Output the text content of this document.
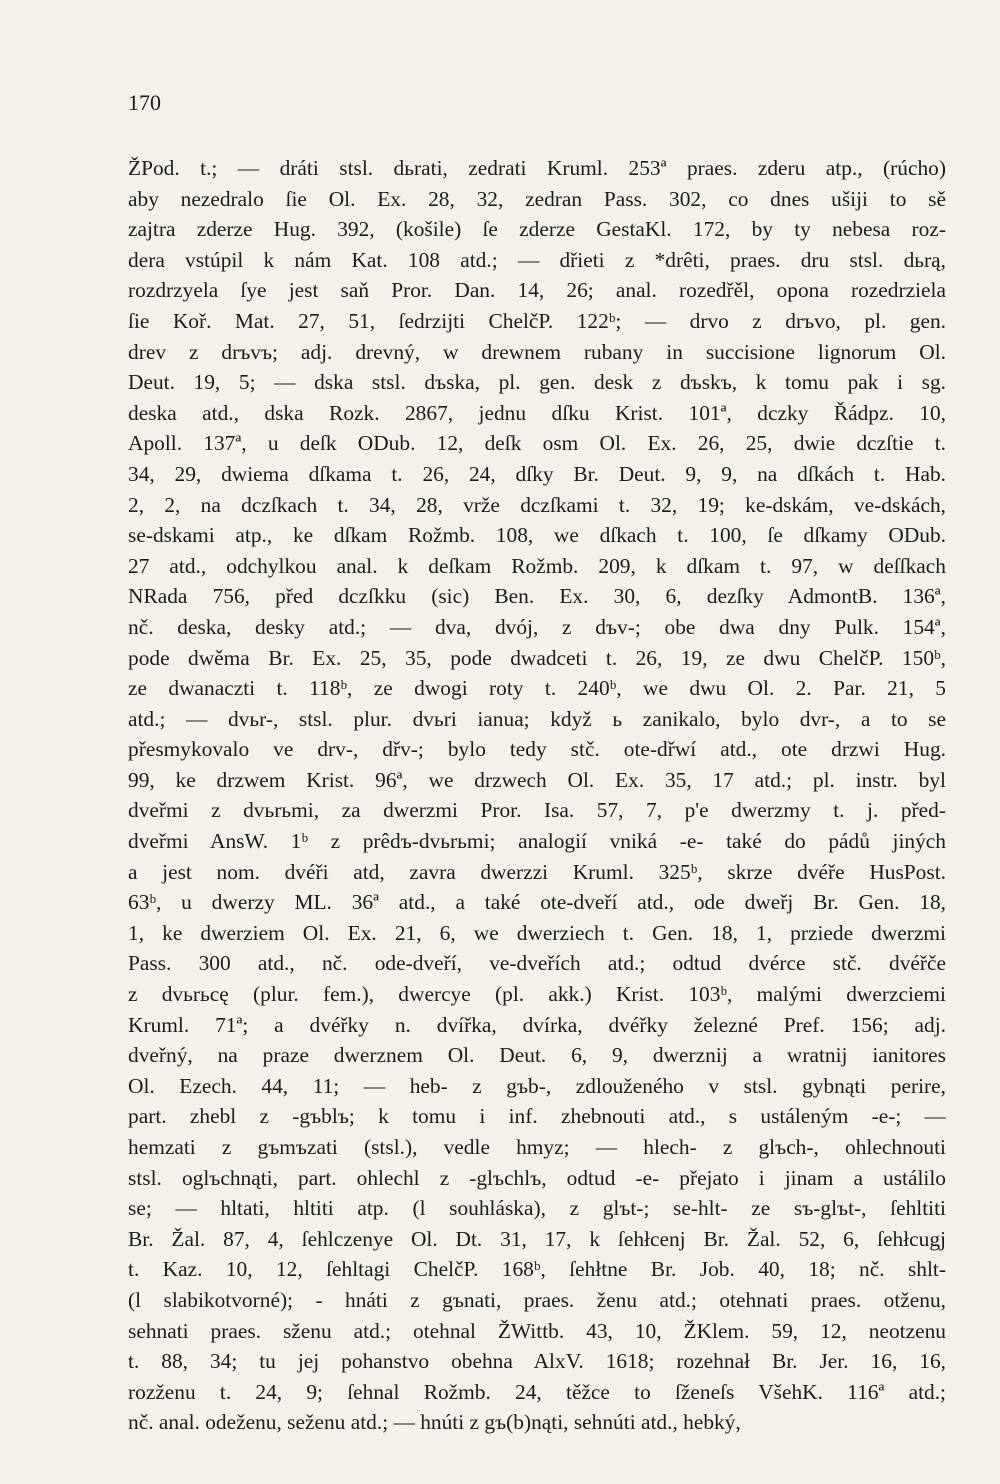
170
ŽPod. t.; — dráti stsl. dьrati, zedrati Kruml. 253ª praes. zderu atp., (rúcho)
aby nezedralo ſie Ol. Ex. 28, 32, zedran Pass. 302, co dnes ušiji to sě
zajtra zderze Hug. 392, (košile) ſe zderze GestaKl. 172, by ty nebesa roz-
dera vstúpil k nám Kat. 108 atd.; — dřieti z *drêti, praes. dru stsl. dьrą,
rozdrzyela ſye jest saň Pror. Dan. 14, 26; anal. rozedřěl, opona rozedrziela
ſie Koř. Mat. 27, 51, ſedrzijti ChelčP. 122ᵇ; — drvo z drъvo, pl. gen.
drev z drъvъ; adj. drevný, w drewnem rubany in succisione lignorum Ol.
Deut. 19, 5; — dska stsl. dъska, pl. gen. desk z dъskъ, k tomu pak i sg.
deska atd., dska Rozk. 2867, jednu dſku Krist. 101ª, dczky Řádpz. 10,
Apoll. 137ª, u deſk ODub. 12, deſk osm Ol. Ex. 26, 25, dwie dczſtie t.
34, 29, dwiema dſkama t. 26, 24, dſky Br. Deut. 9, 9, na dſkách t. Hab.
2, 2, na dczſkach t. 34, 28, vrže dczſkami t. 32, 19; ke-dskám, ve-dskách,
se-dskami atp., ke dſkam Rožmb. 108, we dſkach t. 100, ſe dſkamy ODub.
27 atd., odchylkou anal. k deſkam Rožmb. 209, k dſkam t. 97, w deſſkach
NRada 756, před dczſkku (sic) Ben. Ex. 30, 6, dezſky AdmontB. 136ª,
nč. deska, desky atd.; — dva, dvój, z dъv-; obe dwa dny Pulk. 154ª,
pode dwěma Br. Ex. 25, 35, pode dwadceti t. 26, 19, ze dwu ChelčP. 150ᵇ,
ze dwanaczti t. 118ᵇ, ze dwogi roty t. 240ᵇ, we dwu Ol. 2. Par. 21, 5
atd.; — dvьr-, stsl. plur. dvьri ianua; když ь zanikalo, bylo dvr-, a to se
přesmykovalo ve drv-, dřv-; bylo tedy stč. ote-dřwí atd., ote drzwi Hug.
99, ke drzwem Krist. 96ª, we drzwech Ol. Ex. 35, 17 atd.; pl. instr. byl
dveřmi z dvьrьmi, za dwerzmi Pror. Isa. 57, 7, p'e dwerzmy t. j. před-
dveřmi AnsW. 1ᵇ z prêdъ-dvьrьmi; analogií vniká -e- také do pádů jiných
a jest nom. dvéři atd, zavra dwerzzi Kruml. 325ᵇ, skrze dvéře HusPost.
63ᵇ, u dwerzy ML. 36ª atd., a také ote-dveří atd., ode dweřj Br. Gen. 18,
1, ke dwerziem Ol. Ex. 21, 6, we dwerziech t. Gen. 18, 1, prziede dwerzmi
Pass. 300 atd., nč. ode-dveří, ve-dveřích atd.; odtud dvérce stč. dvéřče
z dvьrьcę (plur. fem.), dwercye (pl. akk.) Krist. 103ᵇ, malými dwerzciemi
Kruml. 71ª; a dvéřky n. dvířka, dvírka, dvéřky železné Pref. 156; adj.
dveřný, na praze dwerznem Ol. Deut. 6, 9, dwerznij a wratnij ianitores
Ol. Ezech. 44, 11; — heb- z gъb-, zdlouženého v stsl. gybnąti perire,
part. zhebl z -gъblъ; k tomu i inf. zhebnouti atd., s ustáleným -e-; —
hemzati z gъmъzati (stsl.), vedle hmyz; — hlech- z glъch-, ohlechnouti
stsl. oglъchnąti, part. ohlechl z -glъchlъ, odtud -e- přejato i jinam a ustálilo
se; — hltati, hltiti atp. (l souhláska), z glъt-; se-hlt- ze sъ-glъt-, ſehltiti
Br. Žal. 87, 4, ſehlczenye Ol. Dt. 31, 17, k ſehłcenj Br. Žal. 52, 6, ſehłcugj
t. Kaz. 10, 12, ſehltagi ChelčP. 168ᵇ, ſehłtne Br. Job. 40, 18; nč. shlt-
(l slabikotvorné); - hnáti z gъnati, praes. ženu atd.; otehnati praes. otženu,
sehnati praes. sženu atd.; otehnal ŽWittb. 43, 10, ŽKlem. 59, 12, neotzenu
t. 88, 34; tu jej pohanstvo obehna AlxV. 1618; rozehnał Br. Jer. 16, 16,
rozženu t. 24, 9; ſehnal Rožmb. 24, těžce to ſženeſs VšehK. 116ª atd.;
nč. anal. odeženu, seženu atd.; — hnúti z gъ(b)nąti, sehnúti atd., hebký,
